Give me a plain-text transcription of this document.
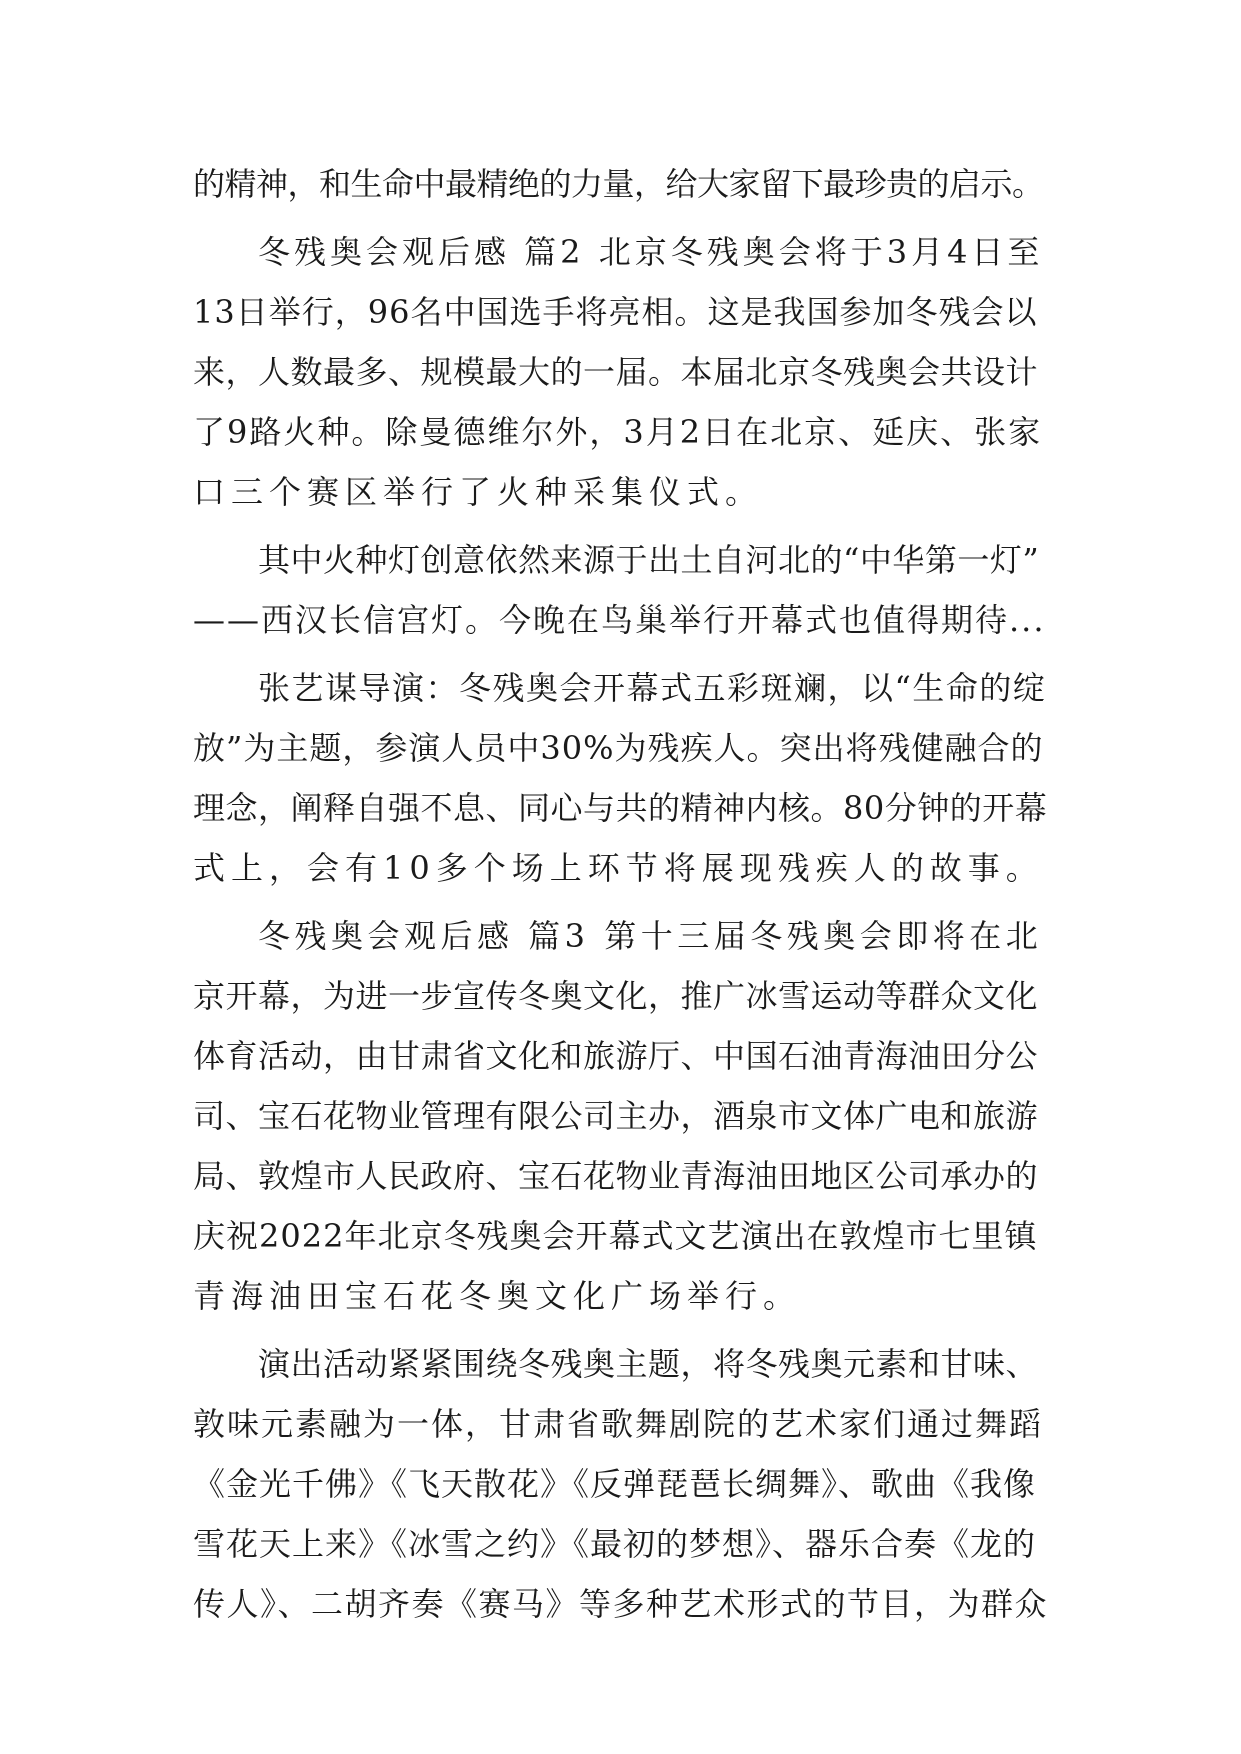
的精神，和生命中最精绝的力量，给大家留下最珍贵的启示。
冬残奥会观后感 篇2 北京冬残奥会将于3月4日至
13日举行，96名中国选手将亮相。这是我国参加冬残会以
来，人数最多、规模最大的一届。本届北京冬残奥会共设计
了9路火种。除曼德维尔外，3月2日在北京、延庆、张家
口三个赛区举行了火种采集仪式。
其中火种灯创意依然来源于出土自河北的“中华第一灯”
——西汉长信宫灯。今晚在鸟巢举行开幕式也值得期待...
张艺谋导演：冬残奥会开幕式五彩斑斓，以“生命的绽
放”为主题，参演人员中30%为残疾人。突出将残健融合的
理念，阐释自强不息、同心与共的精神内核。80分钟的开幕
式上，会有10多个场上环节将展现残疾人的故事。
冬残奥会观后感 篇3 第十三届冬残奥会即将在北
京开幕，为进一步宣传冬奥文化，推广冰雪运动等群众文化
体育活动，由甘肃省文化和旅游厅、中国石油青海油田分公
司、宝石花物业管理有限公司主办，酒泉市文体广电和旅游
局、敦煌市人民政府、宝石花物业青海油田地区公司承办的
庆祝2022年北京冬残奥会开幕式文艺演出在敦煌市七里镇
青海油田宝石花冬奥文化广场举行。
演出活动紧紧围绕冬残奥主题，将冬残奥元素和甘味、
敦味元素融为一体，甘肃省歌舞剧院的艺术家们通过舞蹈
《金光千佛》《飞天散花》《反弹琵琶长绸舞》、歌曲《我像
雪花天上来》《冰雪之约》《最初的梦想》、器乐合奏《龙的
传人》、二胡齐奏《赛马》等多种艺术形式的节目，为群众
